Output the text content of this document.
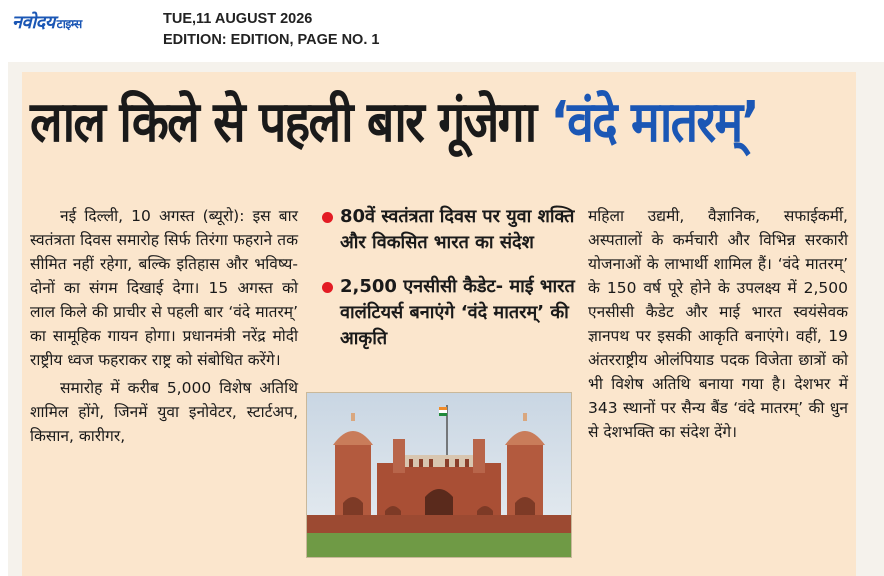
नवोदय टाइम्स	TUE,11 AUGUST 2026
EDITION: EDITION, PAGE NO. 1
लाल किले से पहली बार गूंजेगा ‘वंदे मातरम्’

नई दिल्ली, 10 अगस्त (ब्यूरो): इस बार स्वतंत्रता दिवस समारोह सिर्फ तिरंगा फहराने तक सीमित नहीं रहेगा, बल्कि इतिहास और भविष्य-दोनों का संगम दिखाई देगा। 15 अगस्त को लाल किले की प्राचीर से पहली बार ‘वंदे मातरम्’ का सामूहिक गायन होगा। प्रधानमंत्री नरेंद्र मोदी राष्ट्रीय ध्वज फहराकर राष्ट्र को संबोधित करेंगे।

समारोह में करीब 5,000 विशेष अतिथि शामिल होंगे, जिनमें युवा इनोवेटर, स्टार्टअप, किसान, कारीगर,

80वें स्वतंत्रता दिवस पर युवा शक्ति और विकसित भारत का संदेश
2,500 एनसीसी कैडेट- माई भारत वालंटियर्स बनाएंगे ‘वंदे मातरम्’ की आकृति

महिला उद्यमी, वैज्ञानिक, सफाईकर्मी, अस्पतालों के कर्मचारी और विभिन्न सरकारी योजनाओं के लाभार्थी शामिल हैं। ‘वंदे मातरम्’ के 150 वर्ष पूरे होने के उपलक्ष्य में 2,500 एनसीसी कैडेट और माई भारत स्वयंसेवक ज्ञानपथ पर इसकी आकृति बनाएंगे। वहीं, 19 अंतरराष्ट्रीय ओलंपियाड पदक विजेता छात्रों को भी विशेष अतिथि बनाया गया है। देशभर में 343 स्थानों पर सैन्य बैंड ‘वंदे मातरम्’ की धुन से देशभक्ति का संदेश देंगे।
